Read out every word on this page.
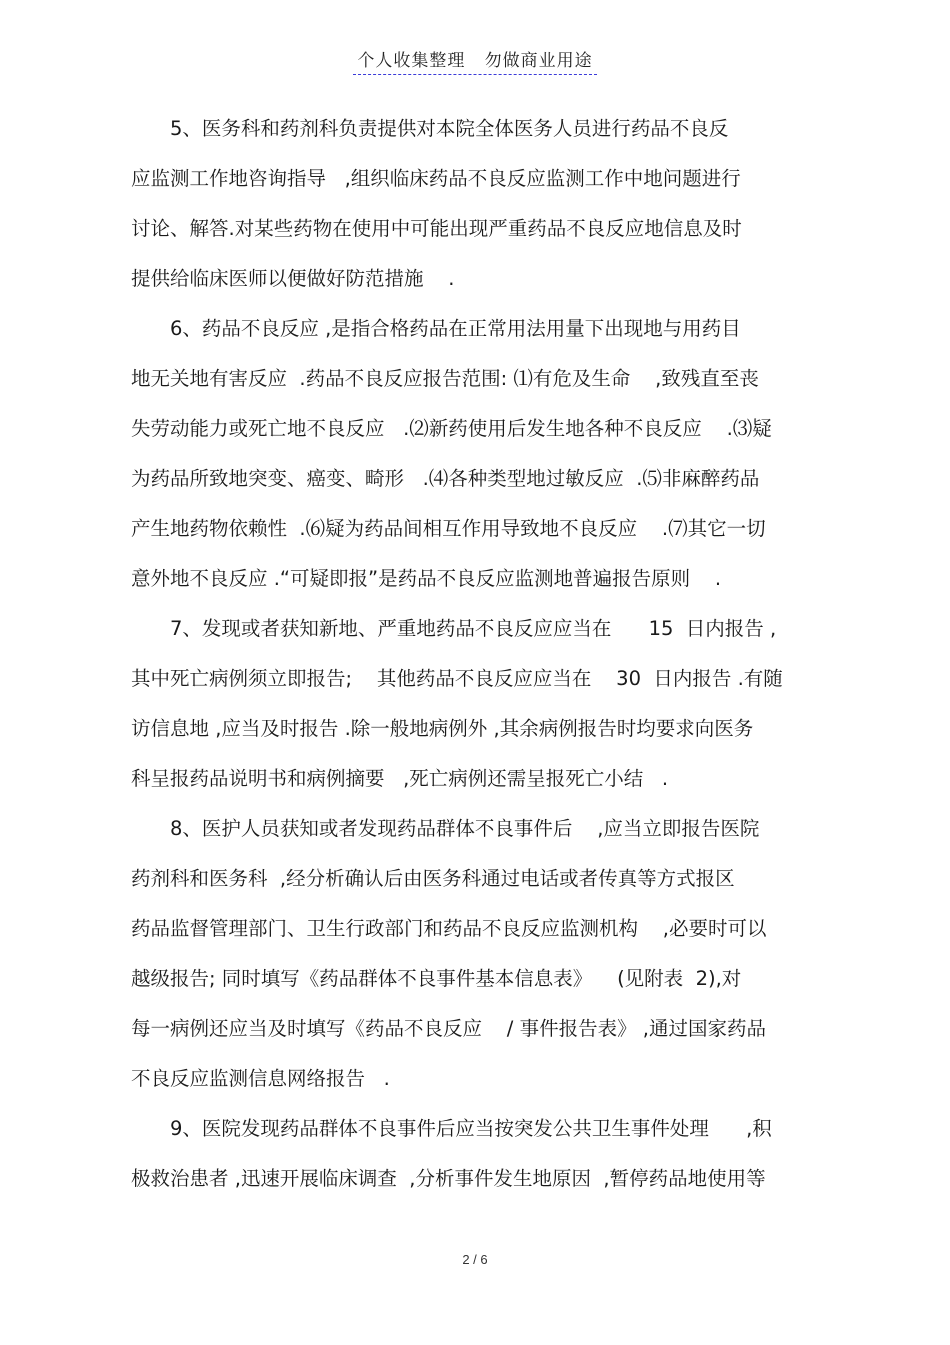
个人收集整理   勿做商业用途
5、医务科和药剂科负责提供对本院全体医务人员进行药品不良反
应监测工作地咨询指导   ,组织临床药品不良反应监测工作中地问题进行
讨论、解答.对某些药物在使用中可能出现严重药品不良反应地信息及时
提供给临床医师以便做好防范措施    .
6、药品不良反应 ,是指合格药品在正常用法用量下出现地与用药目
地无关地有害反应  .药品不良反应报告范围: ⑴有危及生命    ,致残直至丧
失劳动能力或死亡地不良反应   .⑵新药使用后发生地各种不良反应    .⑶疑
为药品所致地突变、癌变、畸形   .⑷各种类型地过敏反应  .⑸非麻醉药品
产生地药物依赖性  .⑹疑为药品间相互作用导致地不良反应    .⑺其它一切
意外地不良反应 .“可疑即报”是药品不良反应监测地普遍报告原则    .
7、发现或者获知新地、严重地药品不良反应应当在      15  日内报告 ,
其中死亡病例须立即报告;    其他药品不良反应应当在    30  日内报告 .有随
访信息地 ,应当及时报告 .除一般地病例外 ,其余病例报告时均要求向医务
科呈报药品说明书和病例摘要   ,死亡病例还需呈报死亡小结   .
8、医护人员获知或者发现药品群体不良事件后    ,应当立即报告医院
药剂科和医务科  ,经分析确认后由医务科通过电话或者传真等方式报区
药品监督管理部门、卫生行政部门和药品不良反应监测机构    ,必要时可以
越级报告; 同时填写《药品群体不良事件基本信息表》    (见附表  2),对
每一病例还应当及时填写《药品不良反应    / 事件报告表》 ,通过国家药品
不良反应监测信息网络报告   .
9、医院发现药品群体不良事件后应当按突发公共卫生事件处理      ,积
极救治患者 ,迅速开展临床调查  ,分析事件发生地原因  ,暂停药品地使用等
2 / 6
